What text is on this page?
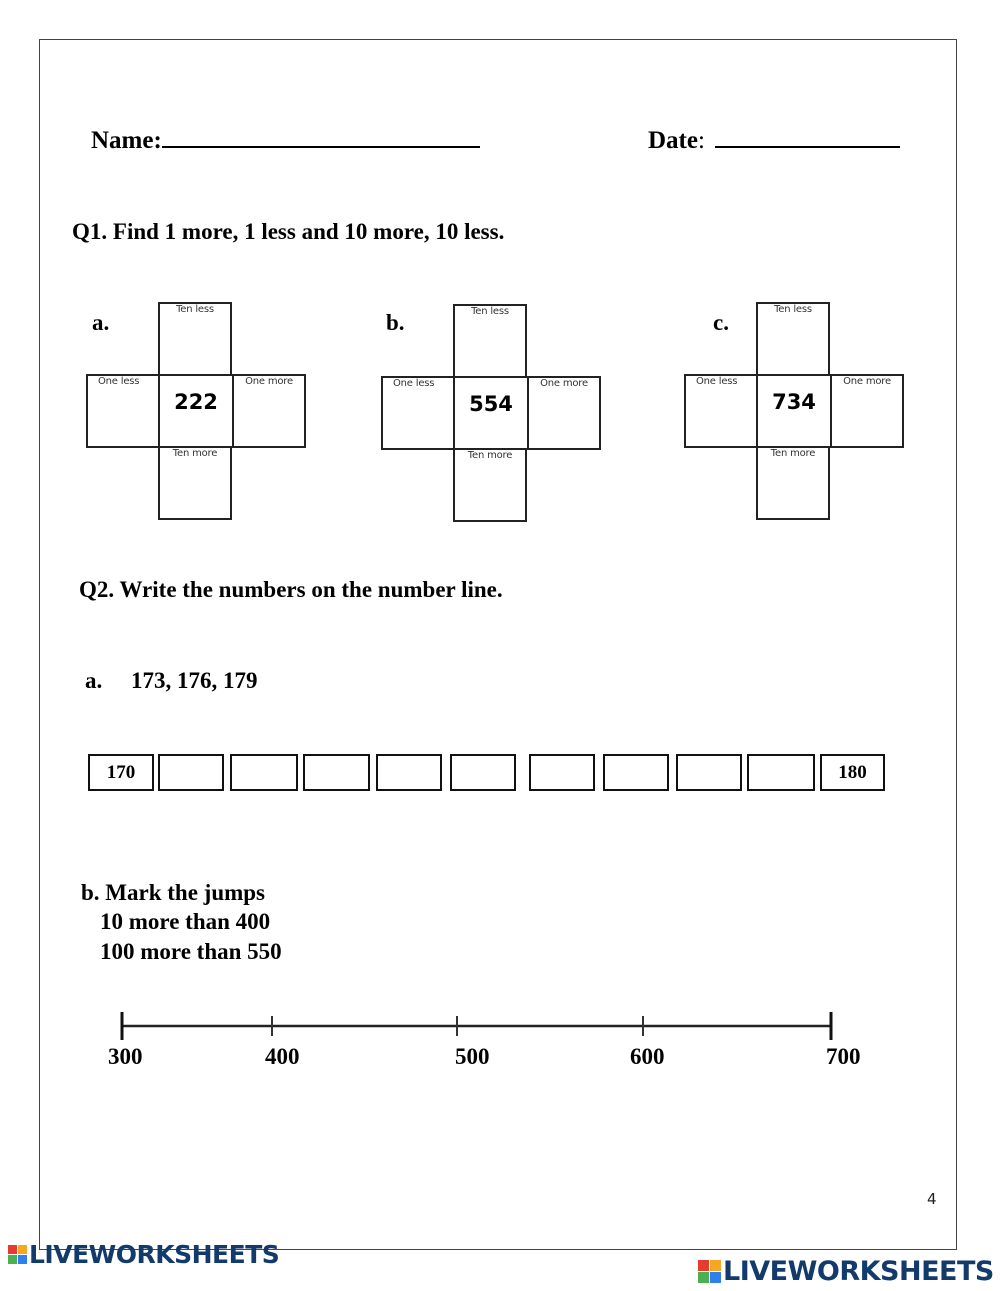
Name:	Date:
Q1. Find 1 more, 1 less and 10 more, 10 less.
a.
Ten less
One less
222
One more
Ten more
b.	Ten less
One less
554
One more
Ten more
c.
Ten less
One less
734
One more
Ten more
Q2. Write the numbers on the number line.
a. 173, 176, 179
170	180
b. Mark the jumps
10 more than 400
100 more than 550
300	400	500	600	700
4
LIVEWORKSHEETS
LIVEWORKSHEETS
